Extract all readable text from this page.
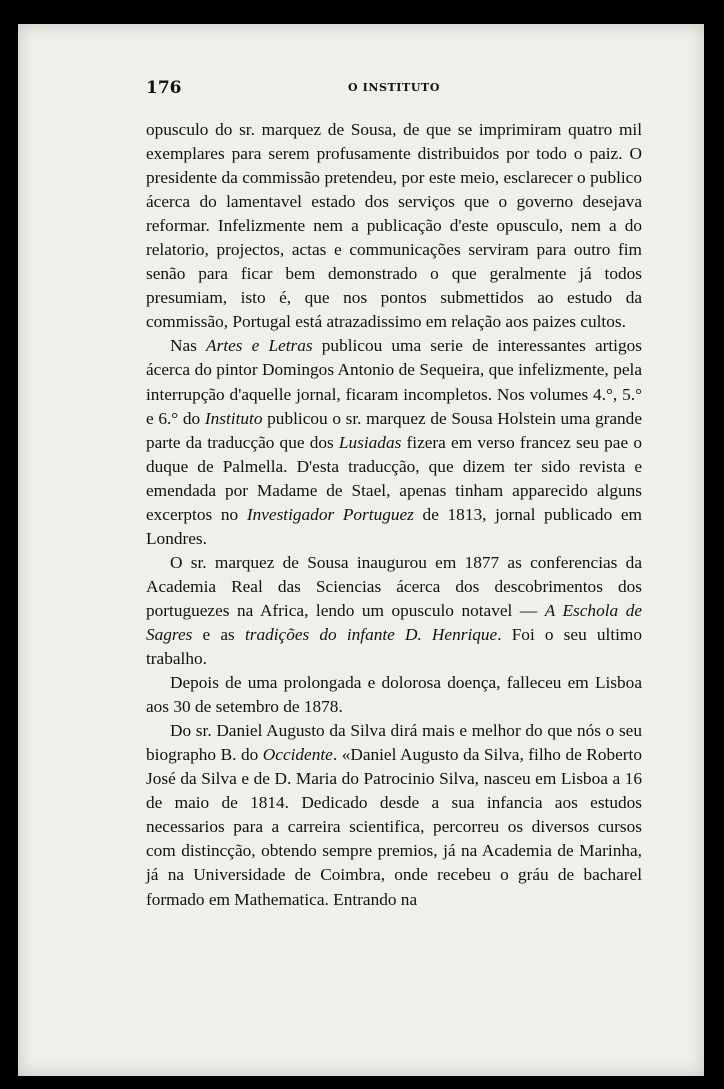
176	O INSTITUTO

opusculo do sr. marquez de Sousa, de que se imprimiram quatro mil exemplares para serem profusamente distribuidos por todo o paiz. O presidente da commissão pretendeu, por este meio, esclarecer o publico ácerca do lamentavel estado dos serviços que o governo desejava reformar. Infelizmente nem a publicação d'este opusculo, nem a do relatorio, projectos, actas e communicações serviram para outro fim senão para ficar bem demonstrado o que geralmente já todos presumiam, isto é, que nos pontos submettidos ao estudo da commissão, Portugal está atrazadissimo em relação aos paizes cultos.

Nas Artes e Letras publicou uma serie de interessantes artigos ácerca do pintor Domingos Antonio de Sequeira, que infelizmente, pela interrupção d'aquelle jornal, ficaram incompletos. Nos volumes 4.°, 5.° e 6.° do Instituto publicou o sr. marquez de Sousa Holstein uma grande parte da traducção que dos Lusiadas fizera em verso francez seu pae o duque de Palmella. D'esta traducção, que dizem ter sido revista e emendada por Madame de Stael, apenas tinham apparecido alguns excerptos no Investigador Portuguez de 1813, jornal publicado em Londres.

O sr. marquez de Sousa inaugurou em 1877 as conferencias da Academia Real das Sciencias ácerca dos descobrimentos dos portuguezes na Africa, lendo um opusculo notavel — A Eschola de Sagres e as tradições do infante D. Henrique. Foi o seu ultimo trabalho.

Depois de uma prolongada e dolorosa doença, falleceu em Lisboa aos 30 de setembro de 1878.

Do sr. Daniel Augusto da Silva dirá mais e melhor do que nós o seu biographo B. do Occidente. «Daniel Augusto da Silva, filho de Roberto José da Silva e de D. Maria do Patrocinio Silva, nasceu em Lisboa a 16 de maio de 1814. Dedicado desde a sua infancia aos estudos necessarios para a carreira scientifica, percorreu os diversos cursos com distincção, obtendo sempre premios, já na Academia de Marinha, já na Universidade de Coimbra, onde recebeu o gráu de bacharel formado em Mathematica. Entrando na
